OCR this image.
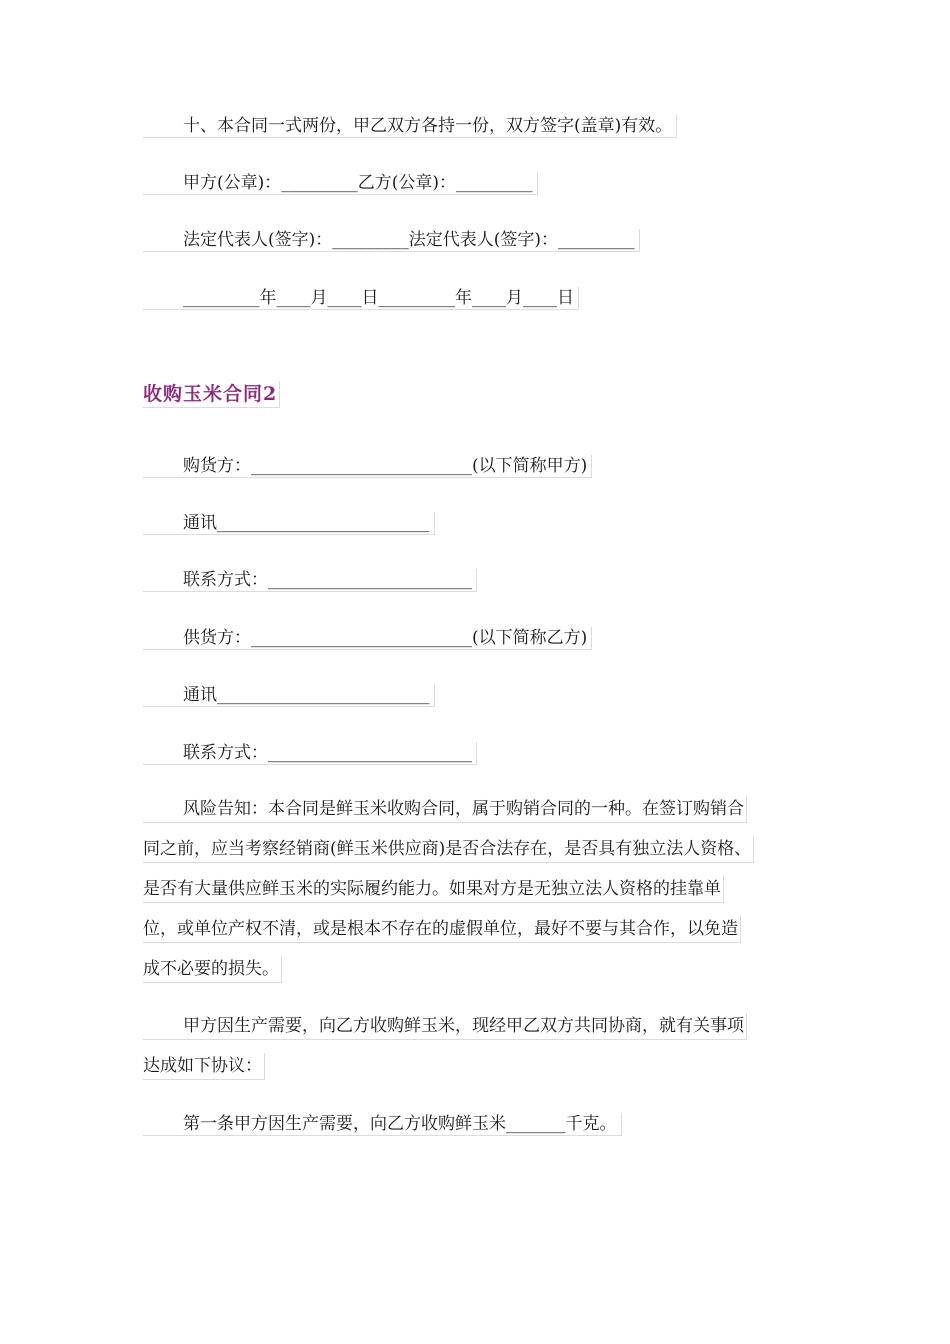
十、本合同一式两份，甲乙双方各持一份，双方签字(盖章)有效。
甲方(公章)：_________乙方(公章)：_________
法定代表人(签字)：_________法定代表人(签字)：_________
_________年____月____日_________年____月____日
收购玉米合同2
购货方：__________________________(以下简称甲方)
通讯_________________________
联系方式：________________________
供货方：__________________________(以下简称乙方)
通讯_________________________
联系方式：________________________
风险告知：本合同是鲜玉米收购合同，属于购销合同的一种。在签订购销合
同之前，应当考察经销商(鲜玉米供应商)是否合法存在，是否具有独立法人资格、
是否有大量供应鲜玉米的实际履约能力。如果对方是无独立法人资格的挂靠单
位，或单位产权不清，或是根本不存在的虚假单位，最好不要与其合作，以免造
成不必要的损失。
甲方因生产需要，向乙方收购鲜玉米，现经甲乙双方共同协商，就有关事项
达成如下协议：
第一条甲方因生产需要，向乙方收购鲜玉米_______千克。
